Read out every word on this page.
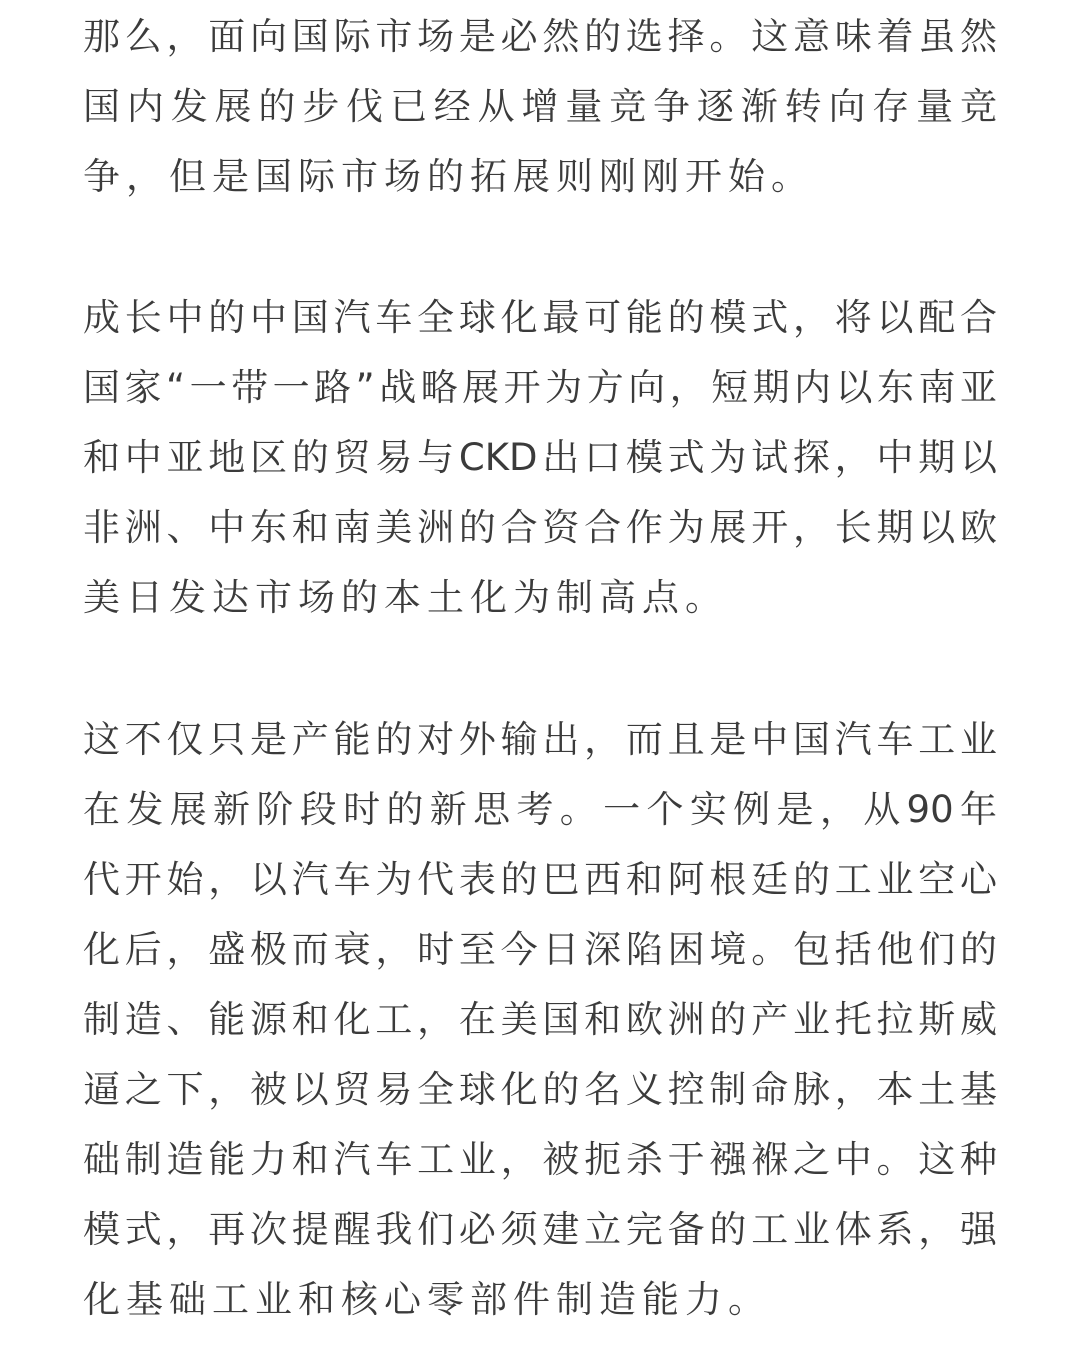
那么，面向国际市场是必然的选择。这意味着虽然
国内发展的步伐已经从增量竞争逐渐转向存量竞
争，但是国际市场的拓展则刚刚开始。
成长中的中国汽车全球化最可能的模式，将以配合
国家“一带一路”战略展开为方向，短期内以东南亚
和中亚地区的贸易与CKD出口模式为试探，中期以
非洲、中东和南美洲的合资合作为展开，长期以欧
美日发达市场的本土化为制高点。
这不仅只是产能的对外输出，而且是中国汽车工业
在发展新阶段时的新思考。一个实例是，从90年
代开始，以汽车为代表的巴西和阿根廷的工业空心
化后，盛极而衰，时至今日深陷困境。包括他们的
制造、能源和化工，在美国和欧洲的产业托拉斯威
逼之下，被以贸易全球化的名义控制命脉，本土基
础制造能力和汽车工业，被扼杀于襁褓之中。这种
模式，再次提醒我们必须建立完备的工业体系，强
化基础工业和核心零部件制造能力。
